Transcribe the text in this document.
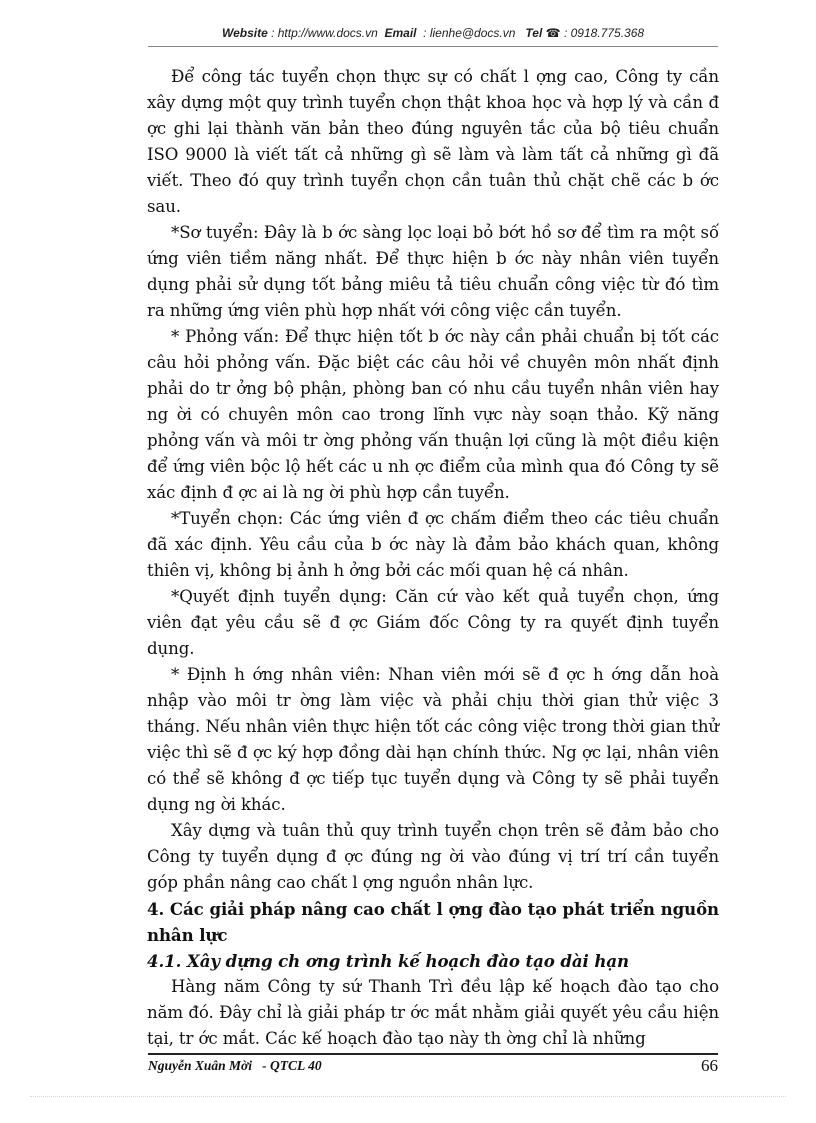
Website : http://www.docs.vn Email : lienhe@docs.vn Tel ☎ : 0918.775.368

Để công tác tuyển chọn thực sự có chất l ợng cao, Công ty cần xây dựng một quy trình tuyển chọn thật khoa học và hợp lý và cần đ ợc ghi lại thành văn bản theo đúng nguyên tắc của bộ tiêu chuẩn ISO 9000 là viết tất cả những gì sẽ làm và làm tất cả những gì đã viết. Theo đó quy trình tuyển chọn cần tuân thủ chặt chẽ các b ớc sau.

*Sơ tuyển: Đây là b ớc sàng lọc loại bỏ bớt hồ sơ để tìm ra một số ứng viên tiềm năng nhất. Để thực hiện b ớc này nhân viên tuyển dụng phải sử dụng tốt bảng miêu tả tiêu chuẩn công việc từ đó tìm ra những ứng viên phù hợp nhất với công việc cần tuyển.

* Phỏng vấn: Để thực hiện tốt b ớc này cần phải chuẩn bị tốt các câu hỏi phỏng vấn. Đặc biệt các câu hỏi về chuyên môn nhất định phải do tr ởng bộ phận, phòng ban có nhu cầu tuyển nhân viên hay ng ời có chuyên môn cao trong lĩnh vực này soạn thảo. Kỹ năng phỏng vấn và môi tr ờng phỏng vấn thuận lợi cũng là một điều kiện để ứng viên bộc lộ hết các u nh ợc điểm của mình qua đó Công ty sẽ xác định đ ợc ai là ng ời phù hợp cần tuyển.

*Tuyển chọn: Các ứng viên đ ợc chấm điểm theo các tiêu chuẩn đã xác định. Yêu cầu của b ớc này là đảm bảo khách quan, không thiên vị, không bị ảnh h ởng bởi các mối quan hệ cá nhân.

*Quyết định tuyển dụng: Căn cứ vào kết quả tuyển chọn, ứng viên đạt yêu cầu sẽ đ ợc Giám đốc Công ty ra quyết định tuyển dụng.

* Định h ớng nhân viên: Nhan viên mới sẽ đ ợc h ớng dẫn hoà nhập vào môi tr ờng làm việc và phải chịu thời gian thử việc 3 tháng. Nếu nhân viên thực hiện tốt các công việc trong thời gian thử việc thì sẽ đ ợc ký hợp đồng dài hạn chính thức. Ng ợc lại, nhân viên có thể sẽ không đ ợc tiếp tục tuyển dụng và Công ty sẽ phải tuyển dụng ng ời khác.

Xây dựng và tuân thủ quy trình tuyển chọn trên sẽ đảm bảo cho Công ty tuyển dụng đ ợc đúng ng ời vào đúng vị trí trí cần tuyển góp phần nâng cao chất l ợng nguồn nhân lực.

4. Các giải pháp nâng cao chất l ợng đào tạo phát triển nguồn nhân lực

4.1. Xây dựng ch ơng trình kế hoạch đào tạo dài hạn

Hàng năm Công ty sứ Thanh Trì đều lập kế hoạch đào tạo cho năm đó. Đây chỉ là giải pháp tr ớc mắt nhằm giải quyết yêu cầu hiện tại, tr ớc mắt. Các kế hoạch đào tạo này th ờng chỉ là những

Nguyễn Xuân Mời - QTCL 40	66
